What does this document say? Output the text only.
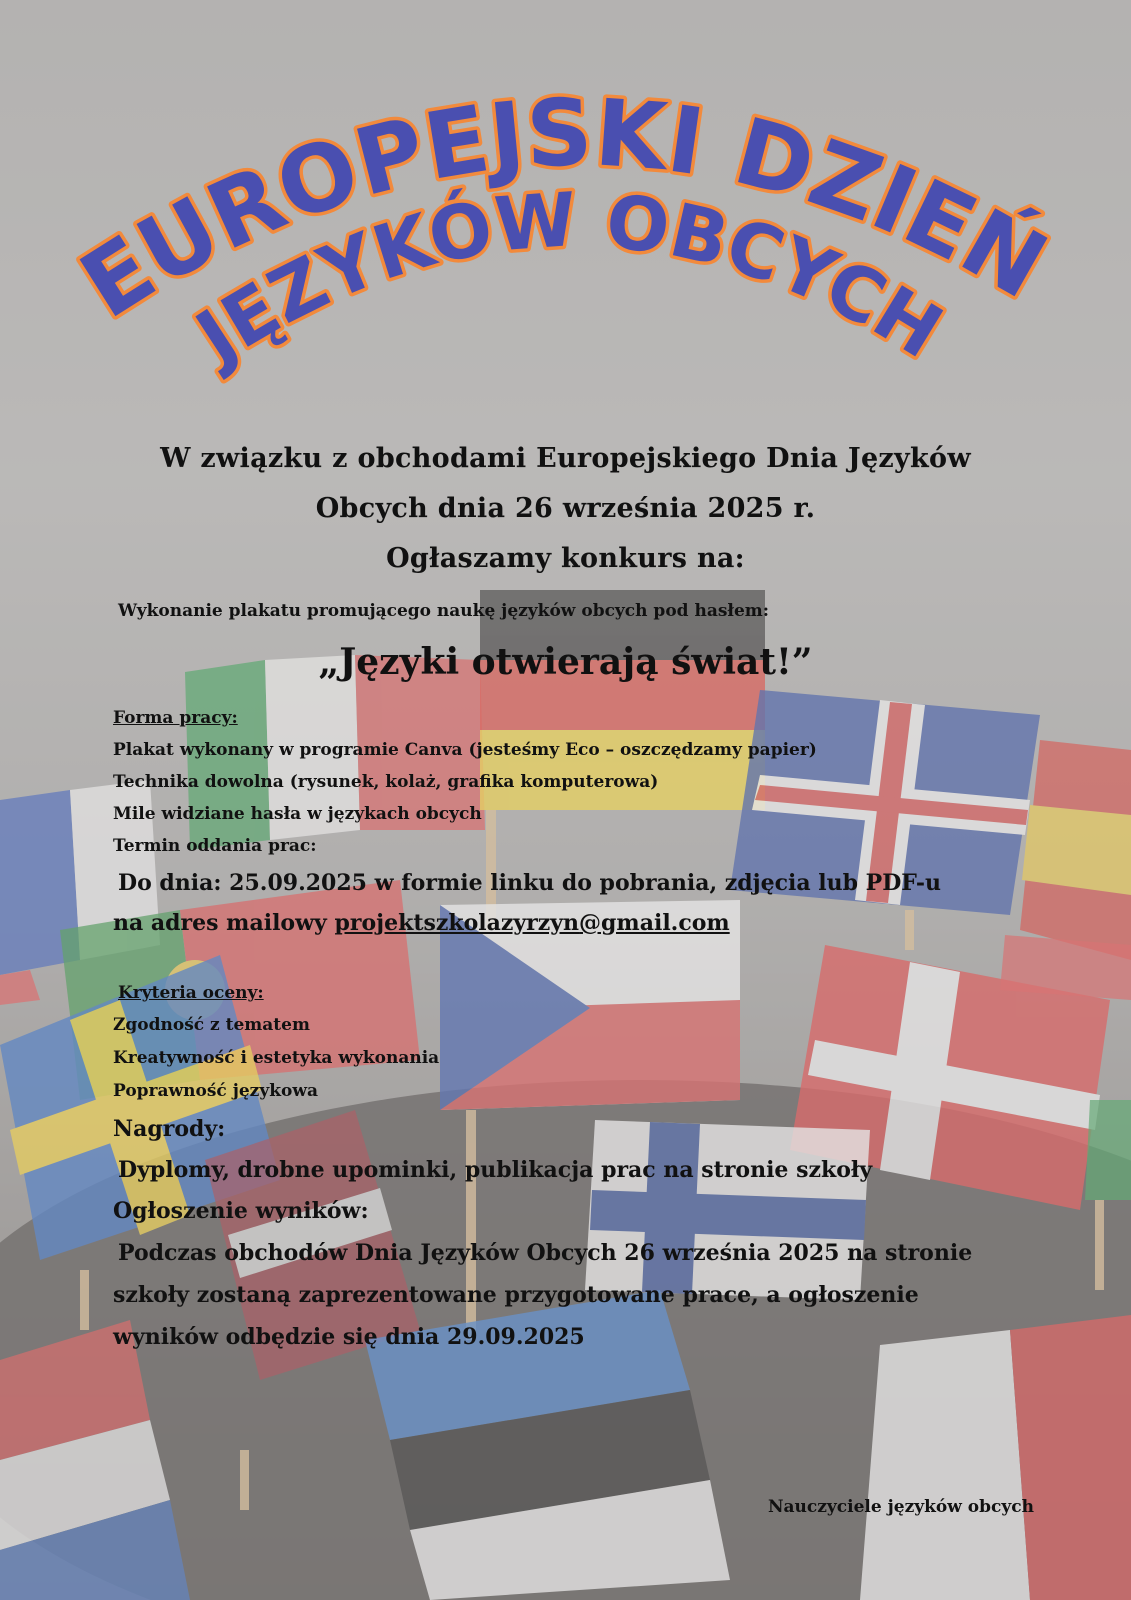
EUROPEJSKI DZIEŃ
JĘZYKÓW OBCYCH
W związku z obchodami Europejskiego Dnia Języków
Obcych dnia 26 września 2025 r.
Ogłaszamy konkurs na:
Wykonanie plakatu promującego naukę języków obcych pod hasłem:
„Języki otwierają świat!”
Forma pracy:
Plakat wykonany w programie Canva (jesteśmy Eco – oszczędzamy papier)
Technika dowolna (rysunek, kolaż, grafika komputerowa)
Mile widziane hasła w językach obcych
Termin oddania prac:
Do dnia: 25.09.2025 w formie linku do pobrania, zdjęcia lub PDF-u
na adres mailowy projektszkolazyrzyn@gmail.com
Kryteria oceny:
Zgodność z tematem
Kreatywność i estetyka wykonania
Poprawność językowa
Nagrody:
Dyplomy, drobne upominki, publikacja prac na stronie szkoły
Ogłoszenie wyników:
Podczas obchodów Dnia Języków Obcych 26 września 2025 na stronie
szkoły zostaną zaprezentowane przygotowane prace, a ogłoszenie
wyników odbędzie się dnia 29.09.2025
Nauczyciele języków obcych
